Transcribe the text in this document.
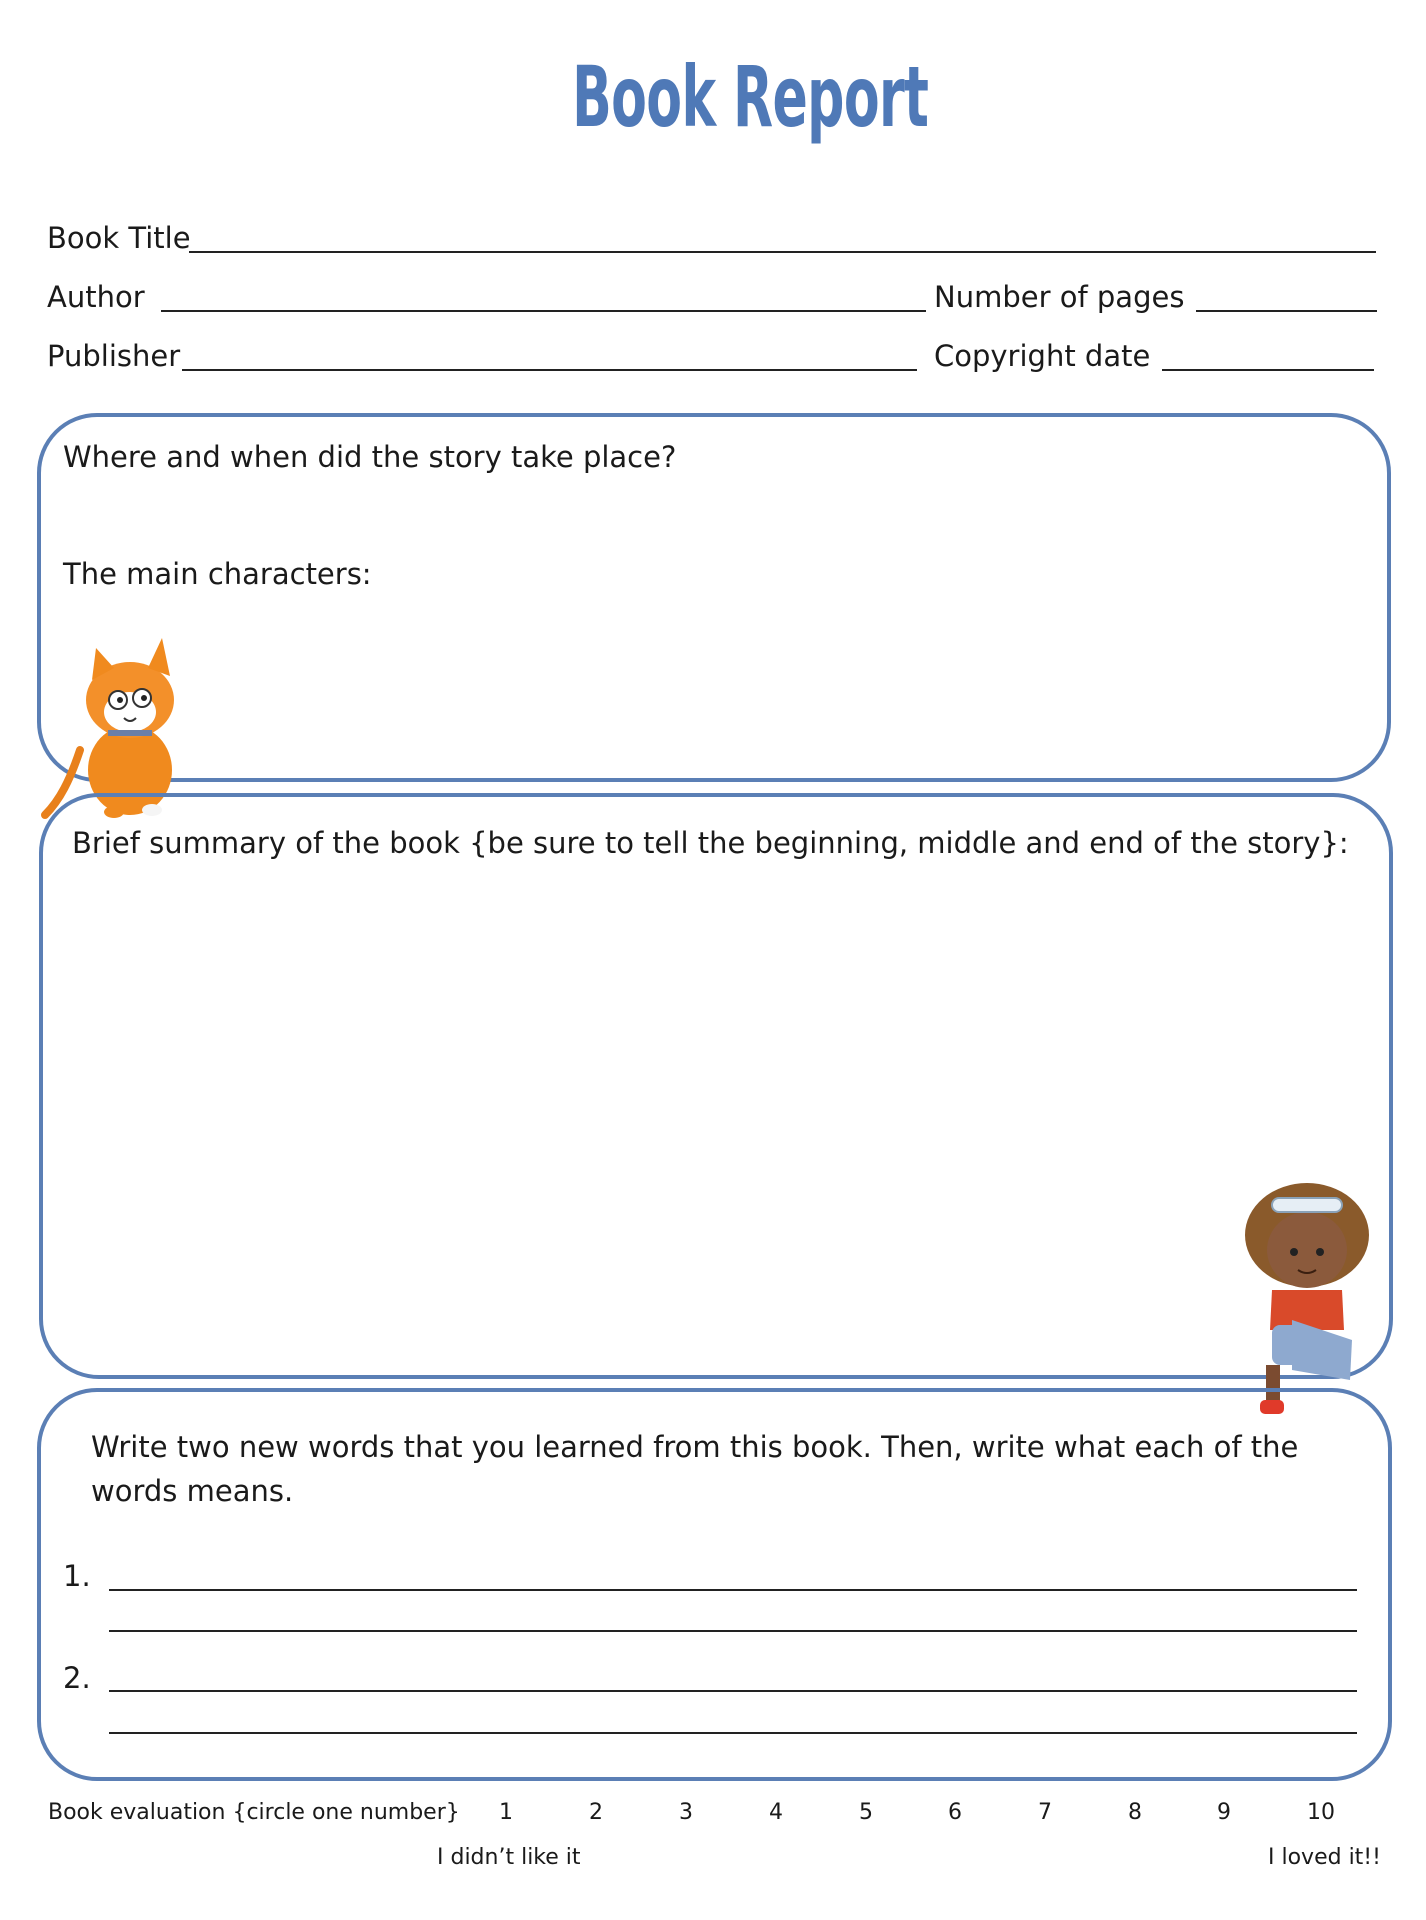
Book Report
Book Title
Author	Number of pages
Publisher	Copyright date
Where and when did the story take place?
The main characters:
Brief summary of the book {be sure to tell the beginning, middle and end of the story}:
Write two new words that you learned from this book. Then, write what each of the
words means.
1.
2.
Book evaluation {circle one number}	1	2	3	4	5	6	7	8	9	10
I didn’t like it	I loved it!!
